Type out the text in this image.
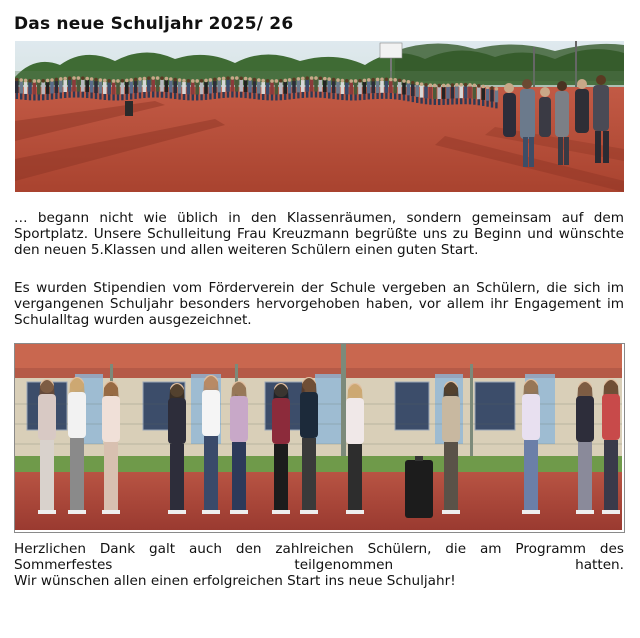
Das neue Schuljahr 2025/ 26

… begann nicht wie üblich in den Klassenräumen, sondern gemeinsam auf dem Sportplatz. Unsere Schulleitung Frau Kreuzmann begrüßte uns zu Beginn und wünschte den neuen 5.Klassen und allen weiteren Schülern einen guten Start.

Es wurden Stipendien vom Förderverein der Schule vergeben an Schülern, die sich im vergangenen Schuljahr besonders hervorgehoben haben, vor allem ihr Engagement im Schulalltag wurden ausgezeichnet.

Herzlichen Dank galt auch den zahlreichen Schülern, die am Programm des Sommerfestes teilgenommen hatten.
Wir wünschen allen einen erfolgreichen Start ins neue Schuljahr!
